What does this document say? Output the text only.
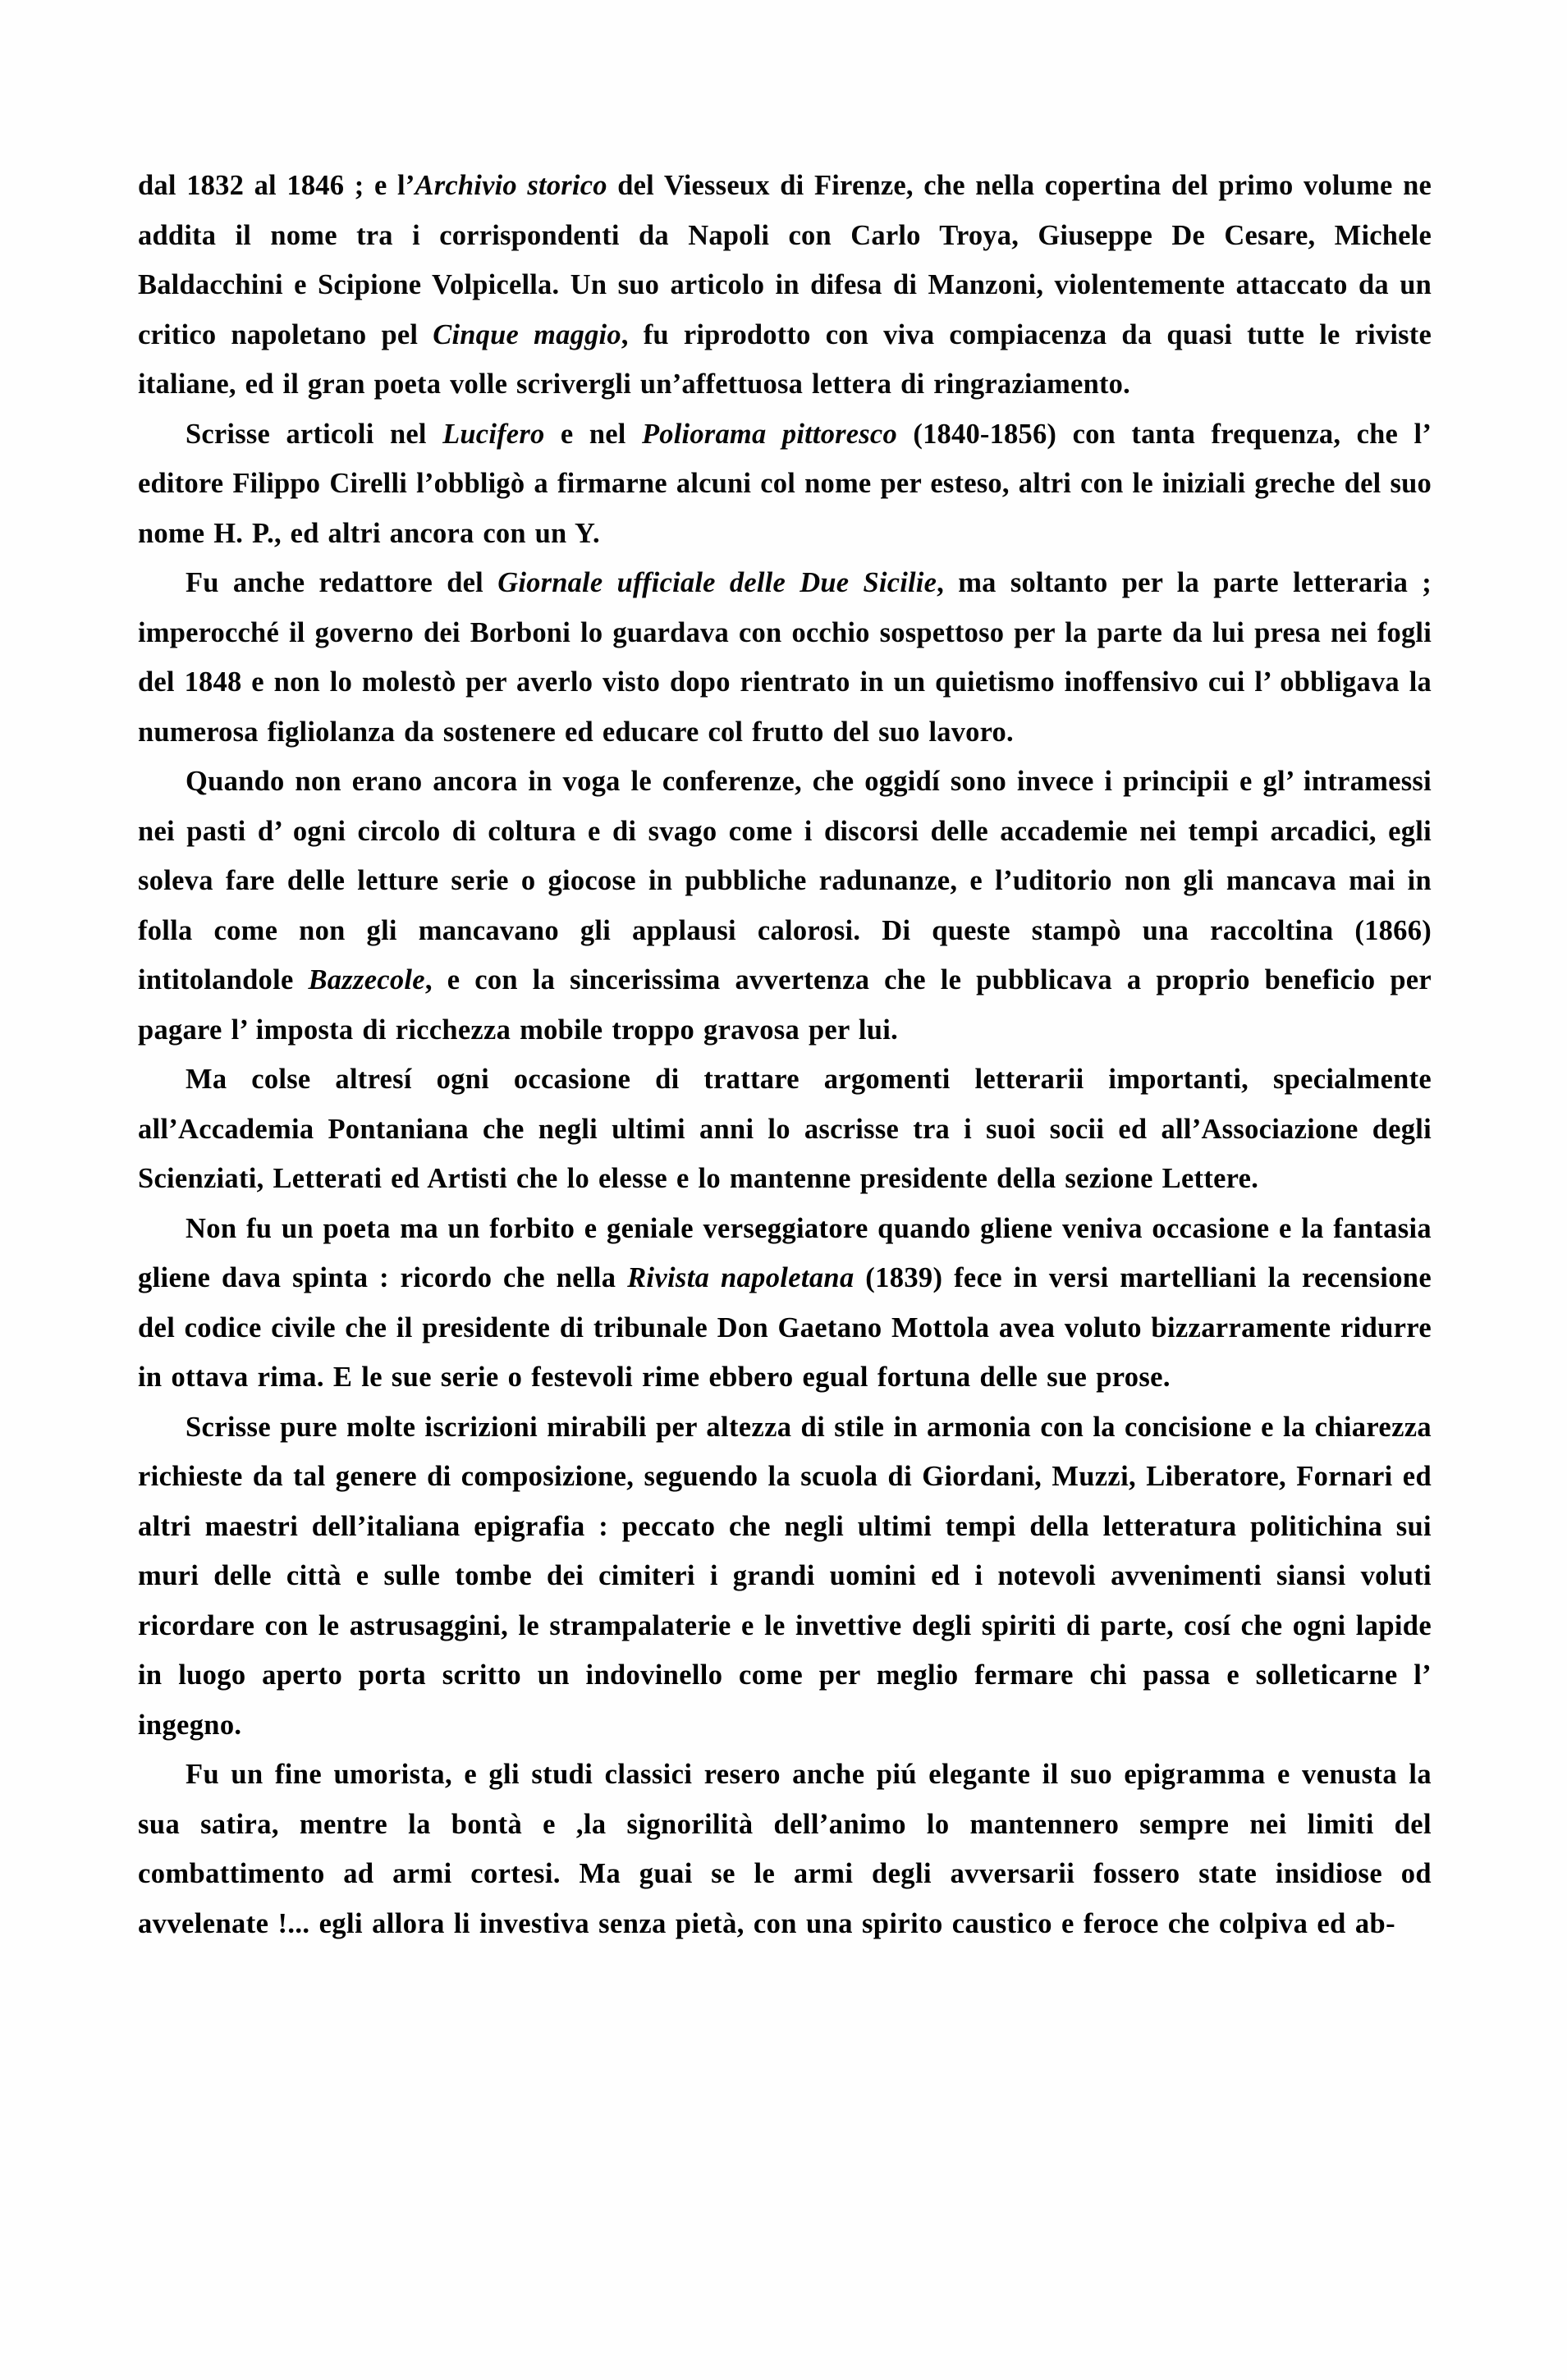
dal 1832 al 1846 ; e l’Archivio storico del Viesseux di Firenze, che nella copertina del primo volume ne addita il nome tra i corrispondenti da Napoli con Carlo Troya, Giuseppe De Cesare, Michele Baldacchini e Scipione Volpicella. Un suo articolo in difesa di Manzoni, violentemente attaccato da un critico napoletano pel Cinque maggio, fu riprodotto con viva compiacenza da quasi tutte le riviste italiane, ed il gran poeta volle scrivergli un’affettuosa lettera di ringraziamento.

Scrisse articoli nel Lucifero e nel Poliorama pittoresco (1840-1856) con tanta frequenza, che l’ editore Filippo Cirelli l’obbligò a firmarne alcuni col nome per esteso, altri con le iniziali greche del suo nome H. P., ed altri ancora con un Y.

Fu anche redattore del Giornale ufficiale delle Due Sicilie, ma soltanto per la parte letteraria ; imperocché il governo dei Borboni lo guardava con occhio sospettoso per la parte da lui presa nei fogli del 1848 e non lo molestò per averlo visto dopo rientrato in un quietismo inoffensivo cui l’ obbligava la numerosa figliolanza da sostenere ed educare col frutto del suo lavoro.

Quando non erano ancora in voga le conferenze, che oggidí sono invece i principii e gl’ intramessi nei pasti d’ ogni circolo di coltura e di svago come i discorsi delle accademie nei tempi arcadici, egli soleva fare delle letture serie o giocose in pubbliche radunanze, e l’uditorio non gli mancava mai in folla come non gli mancavano gli applausi calorosi. Di queste stampò una raccoltina (1866) intitolandole Bazzecole, e con la sincerissima avvertenza che le pubblicava a proprio beneficio per pagare l’ imposta di ricchezza mobile troppo gravosa per lui.

Ma colse altresí ogni occasione di trattare argomenti letterarii importanti, specialmente all’Accademia Pontaniana che negli ultimi anni lo ascrisse tra i suoi socii ed all’Associazione degli Scienziati, Letterati ed Artisti che lo elesse e lo mantenne presidente della sezione Lettere.

Non fu un poeta ma un forbito e geniale verseggiatore quando gliene veniva occasione e la fantasia gliene dava spinta : ricordo che nella Rivista napoletana (1839) fece in versi martelliani la recensione del codice civile che il presidente di tribunale Don Gaetano Mottola avea voluto bizzarramente ridurre in ottava rima. E le sue serie o festevoli rime ebbero egual fortuna delle sue prose.

Scrisse pure molte iscrizioni mirabili per altezza di stile in armonia con la concisione e la chiarezza richieste da tal genere di composizione, seguendo la scuola di Giordani, Muzzi, Liberatore, Fornari ed altri maestri dell’italiana epigrafia : peccato che negli ultimi tempi della letteratura politichina sui muri delle città e sulle tombe dei cimiteri i grandi uomini ed i notevoli avvenimenti siansi voluti ricordare con le astrusaggini, le strampalaterie e le invettive degli spiriti di parte, cosí che ogni lapide in luogo aperto porta scritto un indovinello come per meglio fermare chi passa e solleticarne l’ ingegno.

Fu un fine umorista, e gli studi classici resero anche piú elegante il suo epigramma e venusta la sua satira, mentre la bontà e ,la signorilità dell’animo lo mantennero sempre nei limiti del combattimento ad armi cortesi. Ma guai se le armi degli avversarii fossero state insidiose od avvelenate !... egli allora li investiva senza pietà, con una spirito caustico e feroce che colpiva ed ab-
